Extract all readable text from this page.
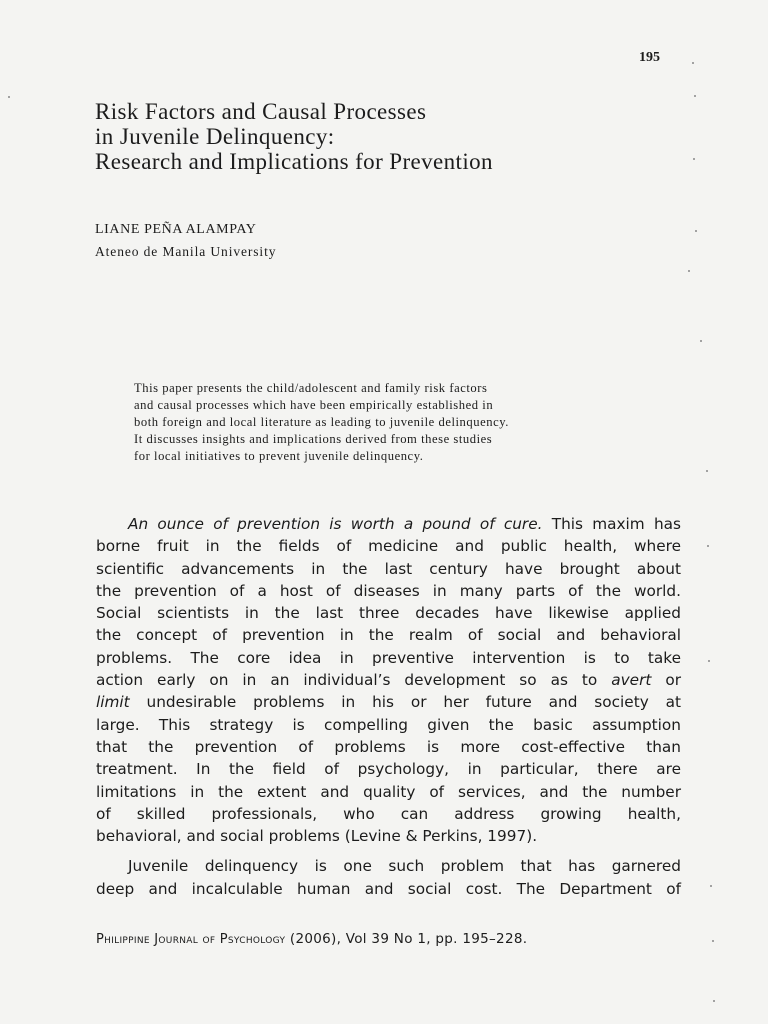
195
Risk Factors and Causal Processes
in Juvenile Delinquency:
Research and Implications for Prevention
LIANE PEÑA ALAMPAY
Ateneo de Manila University
This paper presents the child/adolescent and family risk factors
and causal processes which have been empirically established in
both foreign and local literature as leading to juvenile delinquency.
It discusses insights and implications derived from these studies
for local initiatives to prevent juvenile delinquency.
An ounce of prevention is worth a pound of cure. This maxim has
borne fruit in the fields of medicine and public health, where
scientific advancements in the last century have brought about
the prevention of a host of diseases in many parts of the world.
Social scientists in the last three decades have likewise applied
the concept of prevention in the realm of social and behavioral
problems. The core idea in preventive intervention is to take
action early on in an individual’s development so as to avert or
limit undesirable problems in his or her future and society at
large. This strategy is compelling given the basic assumption
that the prevention of problems is more cost-effective than
treatment. In the field of psychology, in particular, there are
limitations in the extent and quality of services, and the number
of skilled professionals, who can address growing health,
behavioral, and social problems (Levine & Perkins, 1997).
Juvenile delinquency is one such problem that has garnered
deep and incalculable human and social cost. The Department of
Philippine Journal of Psychology (2006), Vol 39 No 1, pp. 195–228.
